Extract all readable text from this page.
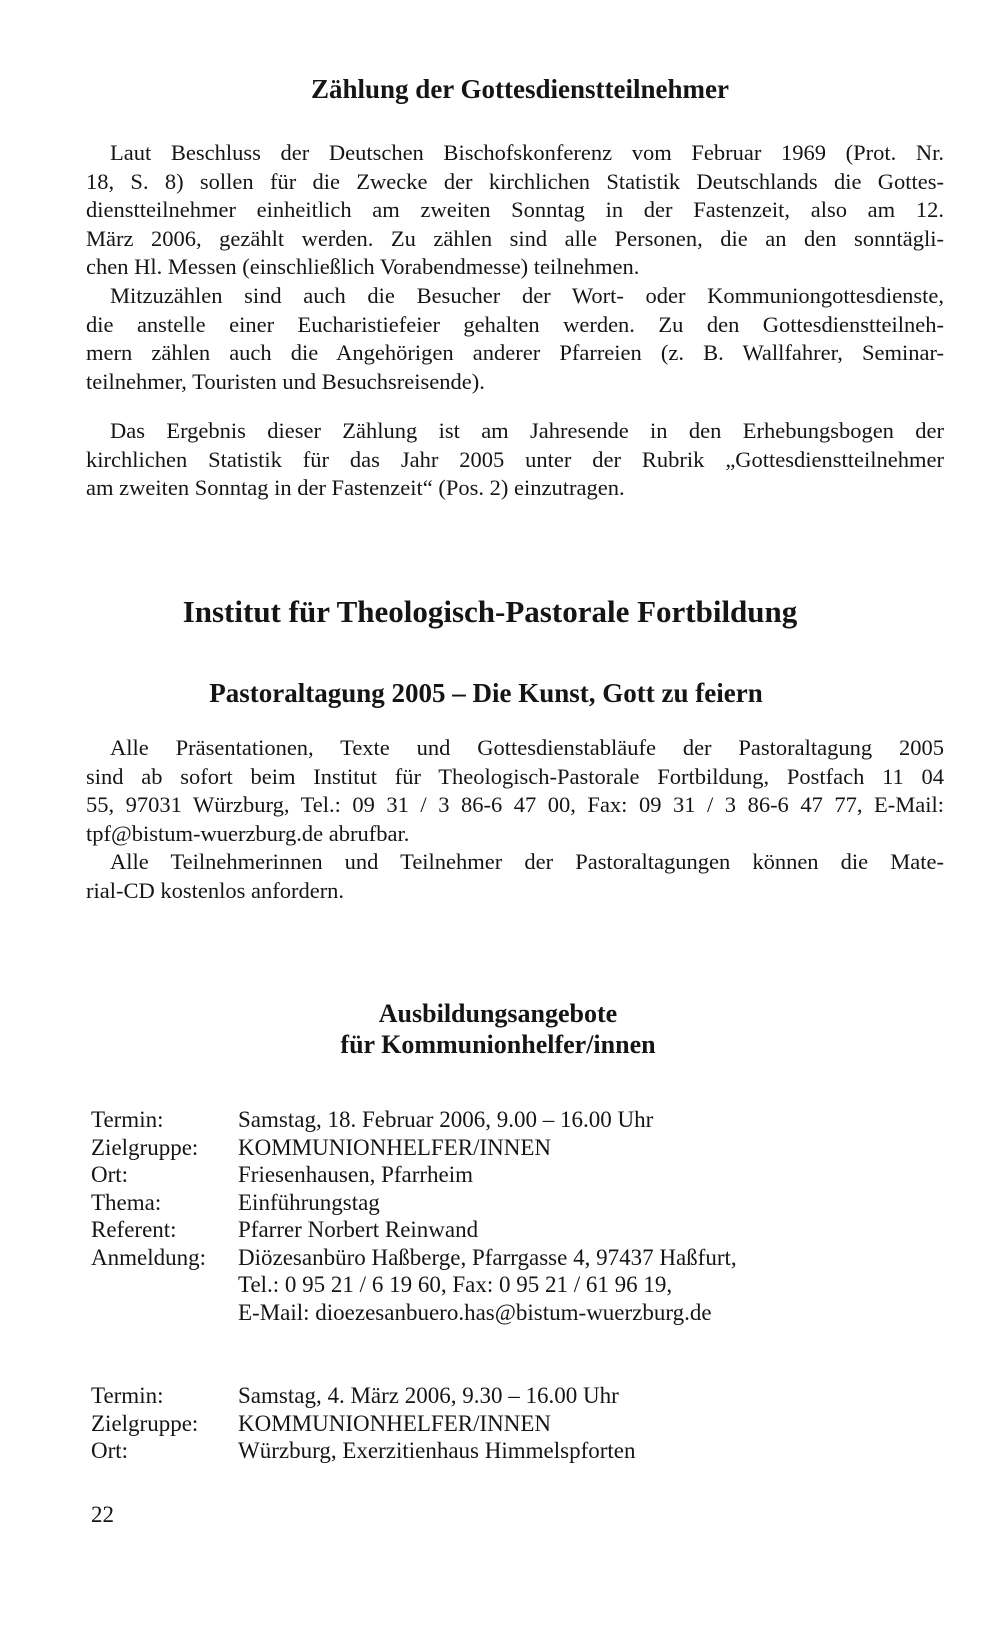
Zählung der Gottesdienstteilnehmer
Laut Beschluss der Deutschen Bischofskonferenz vom Februar 1969 (Prot. Nr.
18, S. 8) sollen für die Zwecke der kirchlichen Statistik Deutschlands die Gottes-
dienstteilnehmer einheitlich am zweiten Sonntag in der Fastenzeit, also am 12.
März 2006, gezählt werden. Zu zählen sind alle Personen, die an den sonntägli-
chen Hl. Messen (einschließlich Vorabendmesse) teilnehmen.
Mitzuzählen sind auch die Besucher der Wort- oder Kommuniongottesdienste,
die anstelle einer Eucharistiefeier gehalten werden. Zu den Gottesdienstteilneh-
mern zählen auch die Angehörigen anderer Pfarreien (z. B. Wallfahrer, Seminar-
teilnehmer, Touristen und Besuchsreisende).
Das Ergebnis dieser Zählung ist am Jahresende in den Erhebungsbogen der
kirchlichen Statistik für das Jahr 2005 unter der Rubrik „Gottesdienstteilnehmer
am zweiten Sonntag in der Fastenzeit“ (Pos. 2) einzutragen.
Institut für Theologisch-Pastorale Fortbildung
Pastoraltagung 2005 – Die Kunst, Gott zu feiern
Alle Präsentationen, Texte und Gottesdienstabläufe der Pastoraltagung 2005
sind ab sofort beim Institut für Theologisch-Pastorale Fortbildung, Postfach 11 04
55, 97031 Würzburg, Tel.: 09 31 / 3 86-6 47 00, Fax: 09 31 / 3 86-6 47 77, E-Mail:
tpf@bistum-wuerzburg.de abrufbar.
Alle Teilnehmerinnen und Teilnehmer der Pastoraltagungen können die Mate-
rial-CD kostenlos anfordern.
Ausbildungsangebote
für Kommunionhelfer/innen
Termin:	Samstag, 18. Februar 2006, 9.00 – 16.00 Uhr
Zielgruppe:	KOMMUNIONHELFER/INNEN
Ort:	Friesenhausen, Pfarrheim
Thema:	Einführungstag
Referent:	Pfarrer Norbert Reinwand
Anmeldung:	Diözesanbüro Haßberge, Pfarrgasse 4, 97437 Haßfurt,
Tel.: 0 95 21 / 6 19 60, Fax: 0 95 21 / 61 96 19,
E-Mail: dioezesanbuero.has@bistum-wuerzburg.de
Termin:	Samstag, 4. März 2006, 9.30 – 16.00 Uhr
Zielgruppe:	KOMMUNIONHELFER/INNEN
Ort:	Würzburg, Exerzitienhaus Himmelspforten
22
